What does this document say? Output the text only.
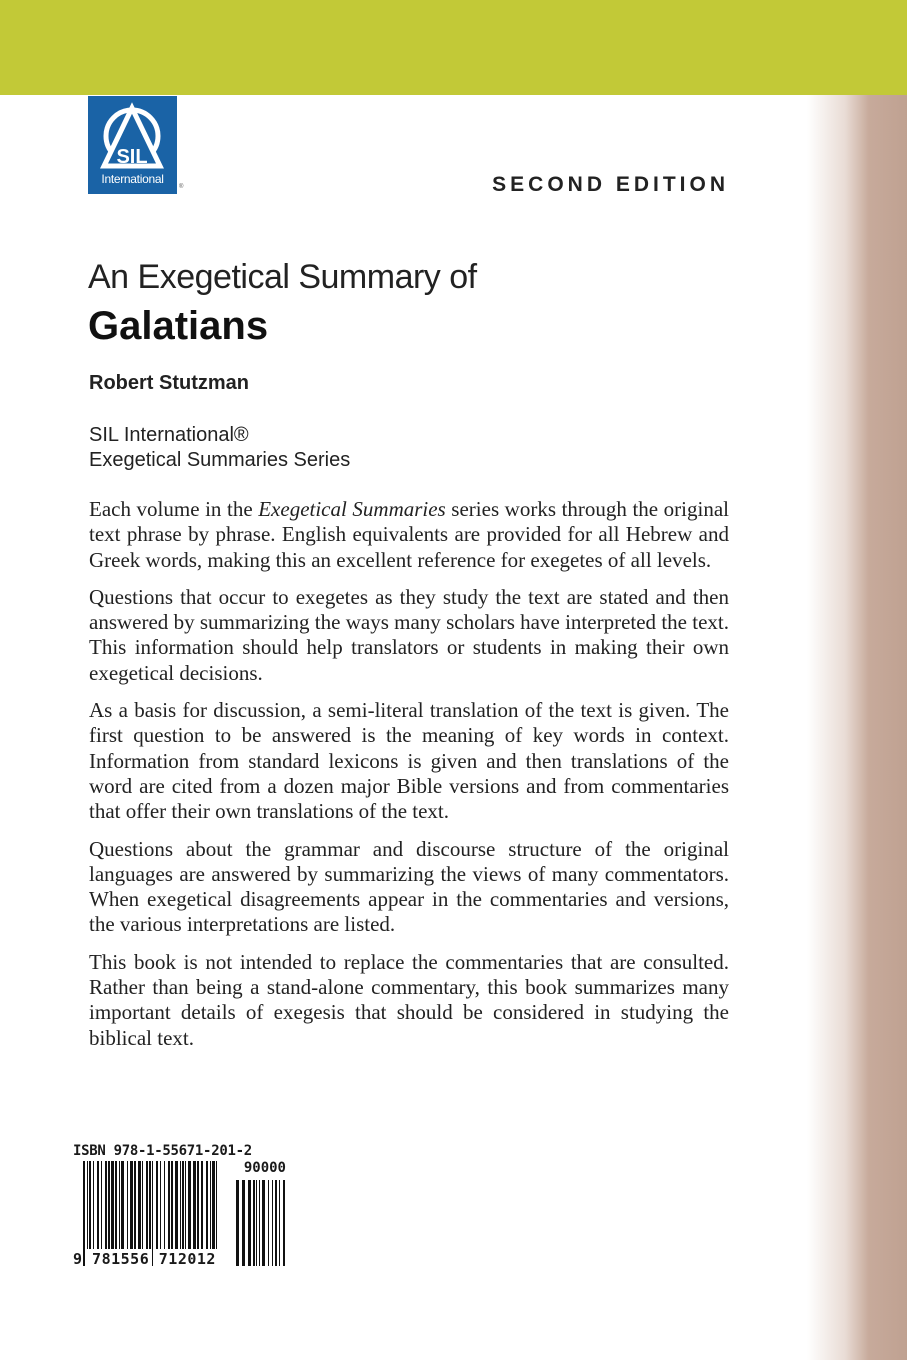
SIL
International
®	SECOND EDITION
An Exegetical Summary of
Galatians
Robert Stutzman
SIL International®
Exegetical Summaries Series

Each volume in the Exegetical Summaries series works through the original text phrase by phrase. English equivalents are provided for all Hebrew and Greek words, making this an excellent reference for exegetes of all levels.

Questions that occur to exegetes as they study the text are stated and then answered by summarizing the ways many scholars have interpreted the text. This information should help translators or students in making their own exegetical decisions.

As a basis for discussion, a semi-literal translation of the text is given. The first question to be answered is the meaning of key words in context. Information from standard lexicons is given and then translations of the word are cited from a dozen major Bible versions and from commentaries that offer their own translations of the text.

Questions about the grammar and discourse structure of the original languages are answered by summarizing the views of many commentators. When exegetical disagreements appear in the commentaries and versions, the various interpretations are listed.

This book is not intended to replace the commentaries that are consulted. Rather than being a stand-alone commentary, this book summarizes many important details of exegesis that should be considered in studying the biblical text.

ISBN 978-1-55671-201-2
90000
9 781556 712012
